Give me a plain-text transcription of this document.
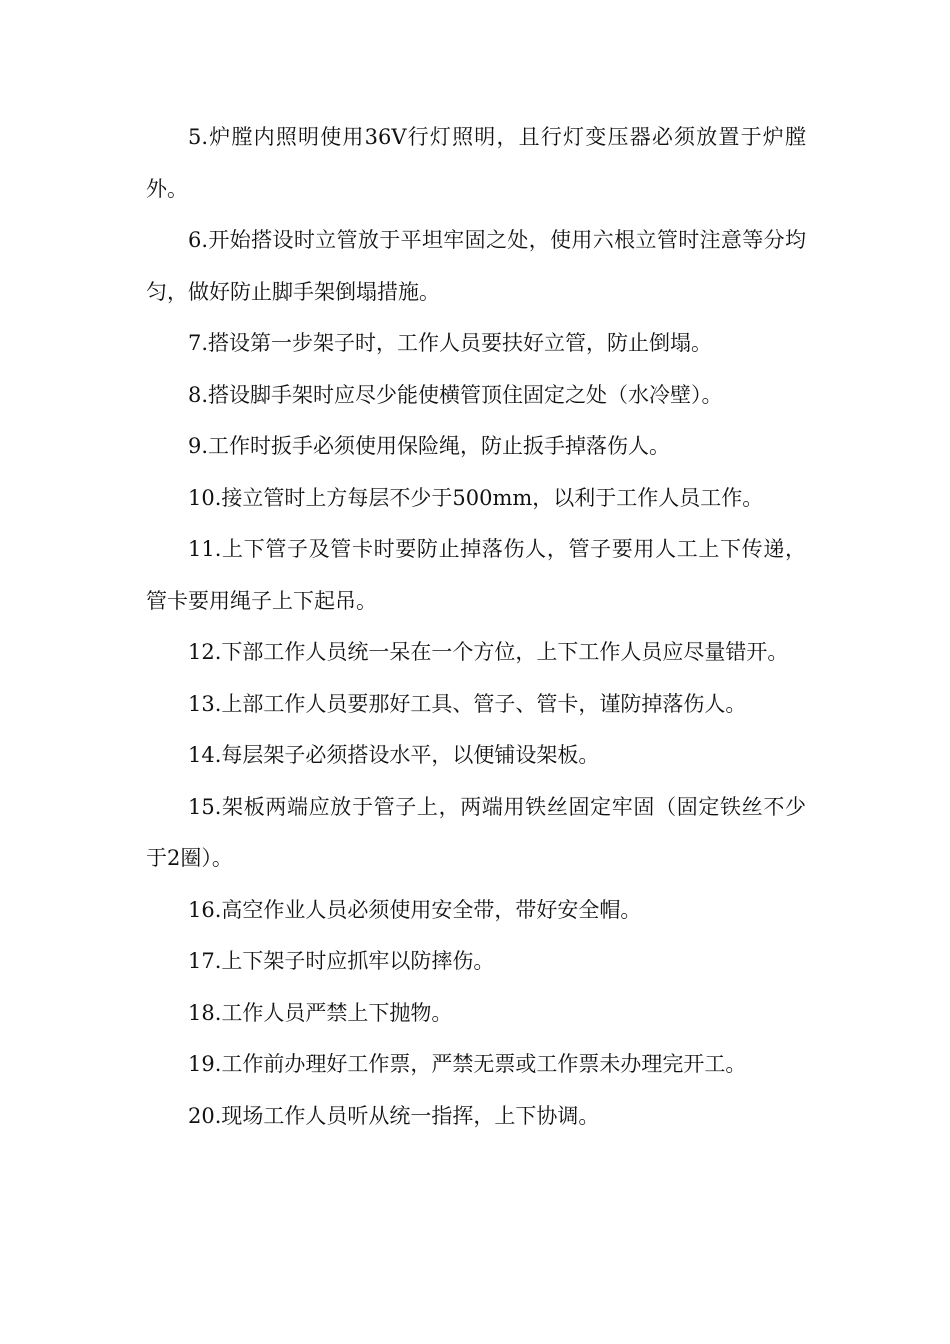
5.炉膛内照明使用36V行灯照明，且行灯变压器必须放置于炉膛外。

6.开始搭设时立管放于平坦牢固之处，使用六根立管时注意等分均匀，做好防止脚手架倒塌措施。

7.搭设第一步架子时，工作人员要扶好立管，防止倒塌。

8.搭设脚手架时应尽少能使横管顶住固定之处（水冷壁）。

9.工作时扳手必须使用保险绳，防止扳手掉落伤人。

10.接立管时上方每层不少于500mm，以利于工作人员工作。

11.上下管子及管卡时要防止掉落伤人，管子要用人工上下传递，管卡要用绳子上下起吊。

12.下部工作人员统一呆在一个方位，上下工作人员应尽量错开。

13.上部工作人员要那好工具、管子、管卡，谨防掉落伤人。

14.每层架子必须搭设水平，以便铺设架板。

15.架板两端应放于管子上，两端用铁丝固定牢固（固定铁丝不少于2圈）。

16.高空作业人员必须使用安全带，带好安全帽。

17.上下架子时应抓牢以防摔伤。

18.工作人员严禁上下抛物。

19.工作前办理好工作票，严禁无票或工作票未办理完开工。

20.现场工作人员听从统一指挥，上下协调。
